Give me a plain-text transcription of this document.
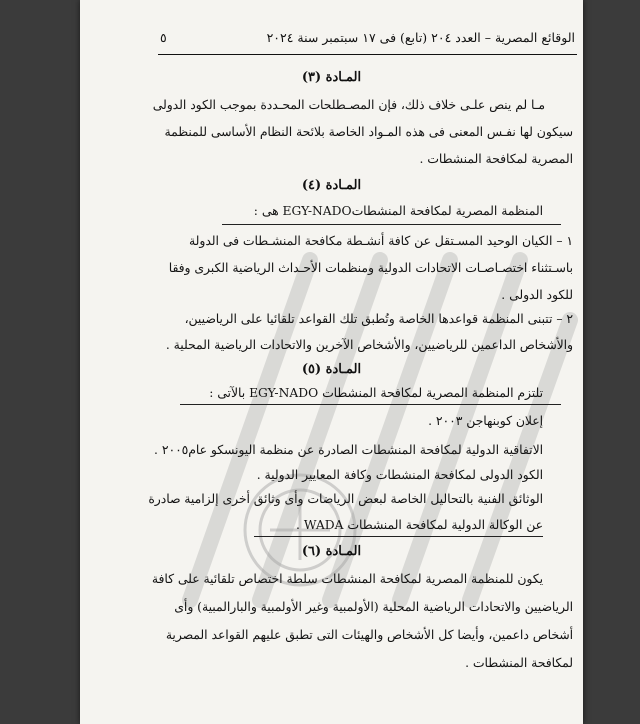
الوقائع المصرية – العدد ٢٠٤ (تابع) فى ١٧ سبتمبر سنة ٢٠٢٤
٥
المـادة (٣)
مـا لم ينص علـى خلاف ذلك، فإن المصـطلحات المحـددة بموجب الكود الدولى
سيكون لها نفـس المعنى فى هذه المـواد الخاصة بلائحة النظام الأساسى للمنظمة
المصرية لمكافحة المنشطات .
المـادة (٤)
المنظمة المصرية لمكافحة المنشطاتEGY-NADO هى :
١ – الكيان الوحيد المسـتقل عن كافة أنشـطة مكافحة المنشـطات فى الدولة
باسـتثناء اختصـاصـات الاتحادات الدولية ومنظمات الأحـداث الرياضية الكبرى وفقا
للكود الدولى .
٢ – تتبنى المنظمة قواعدها الخاصة وتُطبق تلك القواعد تلقائيا على الرياضيين،
والأشخاص الداعمين للرياضيين، والأشخاص الآخرين والاتحادات الرياضية المحلية .
المـادة (٥)
تلتزم المنظمة المصرية لمكافحة المنشطات EGY-NADO بالآتى :
إعلان كوبنهاجن ٢٠٠٣ .
الاتفاقية الدولية لمكافحة المنشطات الصادرة عن منظمة اليونسكو عام٢٠٠٥ .
الكود الدولى لمكافحة المنشطات وكافة المعايير الدولية .
الوثائق الفنية بالتحاليل الخاصة لبعض الرياضات وأى وثائق أخرى إلزامية صادرة
عن الوكالة الدولية لمكافحة المنشطات WADA .
المـادة (٦)
يكون للمنظمة المصرية لمكافحة المنشطات سلطة اختصاص تلقائية على كافة
الرياضيين والاتحادات الرياضية المحلية (الأولمبية وغير الأولمبية والبارالمبية) وأى
أشخاص داعمين، وأيضا كل الأشخاص والهيئات التى تطبق عليهم القواعد المصرية
لمكافحة المنشطات .
